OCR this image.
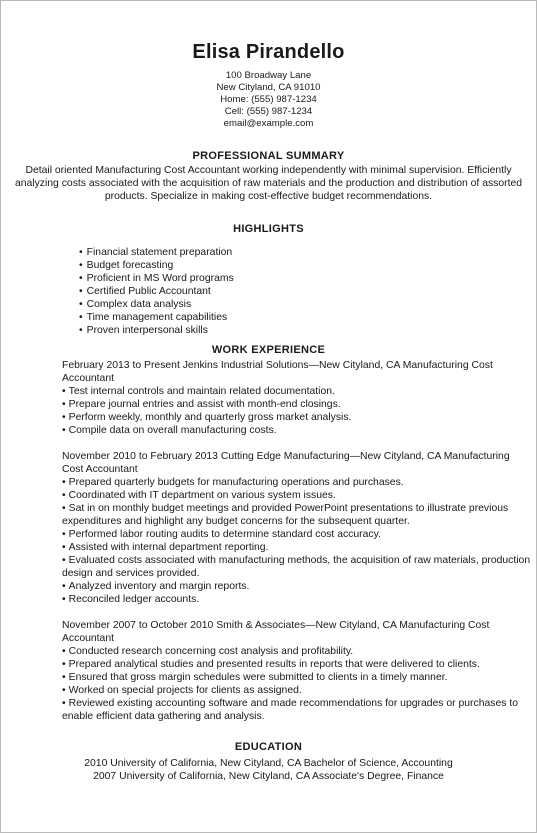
Elisa Pirandello
100 Broadway Lane
New Cityland, CA 91010
Home: (555) 987-1234
Cell: (555) 987-1234
email@example.com
PROFESSIONAL SUMMARY
Detail oriented Manufacturing Cost Accountant working independently with minimal supervision. Efficiently analyzing costs associated with the acquisition of raw materials and the production and distribution of assorted products. Specialize in making cost-effective budget recommendations.
HIGHLIGHTS
• Financial statement preparation
• Budget forecasting
• Proficient in MS Word programs
• Certified Public Accountant
• Complex data analysis
• Time management capabilities
• Proven interpersonal skills
WORK EXPERIENCE

February 2013 to Present Jenkins Industrial Solutions—New Cityland, CA Manufacturing Cost Accountant

• Test internal controls and maintain related documentation.
• Prepare journal entries and assist with month-end closings.
• Perform weekly, monthly and quarterly gross market analysis.
• Compile data on overall manufacturing costs.

November 2010 to February 2013 Cutting Edge Manufacturing—New Cityland, CA Manufacturing Cost Accountant

• Prepared quarterly budgets for manufacturing operations and purchases.
• Coordinated with IT department on various system issues.
• Sat in on monthly budget meetings and provided PowerPoint presentations to illustrate previous expenditures and highlight any budget concerns for the subsequent quarter.
• Performed labor routing audits to determine standard cost accuracy.
• Assisted with internal department reporting.
• Evaluated costs associated with manufacturing methods, the acquisition of raw materials, production design and services provided.
• Analyzed inventory and margin reports.
• Reconciled ledger accounts.

November 2007 to October 2010 Smith & Associates—New Cityland, CA Manufacturing Cost Accountant

• Conducted research concerning cost analysis and profitability.
• Prepared analytical studies and presented results in reports that were delivered to clients.
• Ensured that gross margin schedules were submitted to clients in a timely manner.
• Worked on special projects for clients as assigned.
• Reviewed existing accounting software and made recommendations for upgrades or purchases to enable efficient data gathering and analysis.
EDUCATION
2010 University of California, New Cityland, CA Bachelor of Science, Accounting
2007 University of California, New Cityland, CA Associate's Degree, Finance
